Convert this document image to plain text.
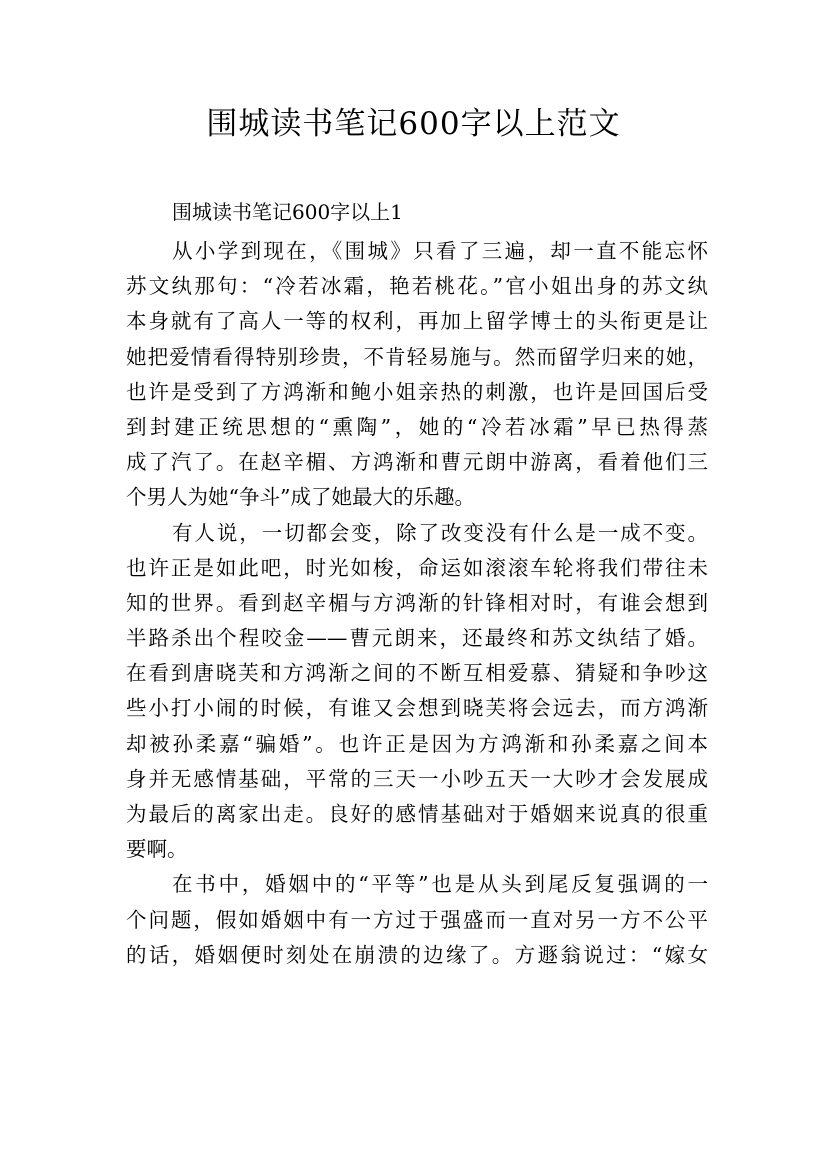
围城读书笔记600字以上范文

围城读书笔记600字以上1

从小学到现在，《围城》只看了三遍，却一直不能忘怀
苏文纨那句：“冷若冰霜，艳若桃花。”官小姐出身的苏文纨
本身就有了高人一等的权利，再加上留学博士的头衔更是让
她把爱情看得特别珍贵，不肯轻易施与。然而留学归来的她，
也许是受到了方鸿渐和鲍小姐亲热的刺激，也许是回国后受
到封建正统思想的“熏陶”，她的“冷若冰霜”早已热得蒸
成了汽了。在赵辛楣、方鸿渐和曹元朗中游离，看着他们三
个男人为她“争斗”成了她最大的乐趣。
有人说，一切都会变，除了改变没有什么是一成不变。
也许正是如此吧，时光如梭，命运如滚滚车轮将我们带往未
知的世界。看到赵辛楣与方鸿渐的针锋相对时，有谁会想到
半路杀出个程咬金——曹元朗来，还最终和苏文纨结了婚。
在看到唐晓芙和方鸿渐之间的不断互相爱慕、猜疑和争吵这
些小打小闹的时候，有谁又会想到晓芙将会远去，而方鸿渐
却被孙柔嘉“骗婚”。也许正是因为方鸿渐和孙柔嘉之间本
身并无感情基础，平常的三天一小吵五天一大吵才会发展成
为最后的离家出走。良好的感情基础对于婚姻来说真的很重
要啊。
在书中，婚姻中的“平等”也是从头到尾反复强调的一
个问题，假如婚姻中有一方过于强盛而一直对另一方不公平
的话，婚姻便时刻处在崩溃的边缘了。方遯翁说过：“嫁女
